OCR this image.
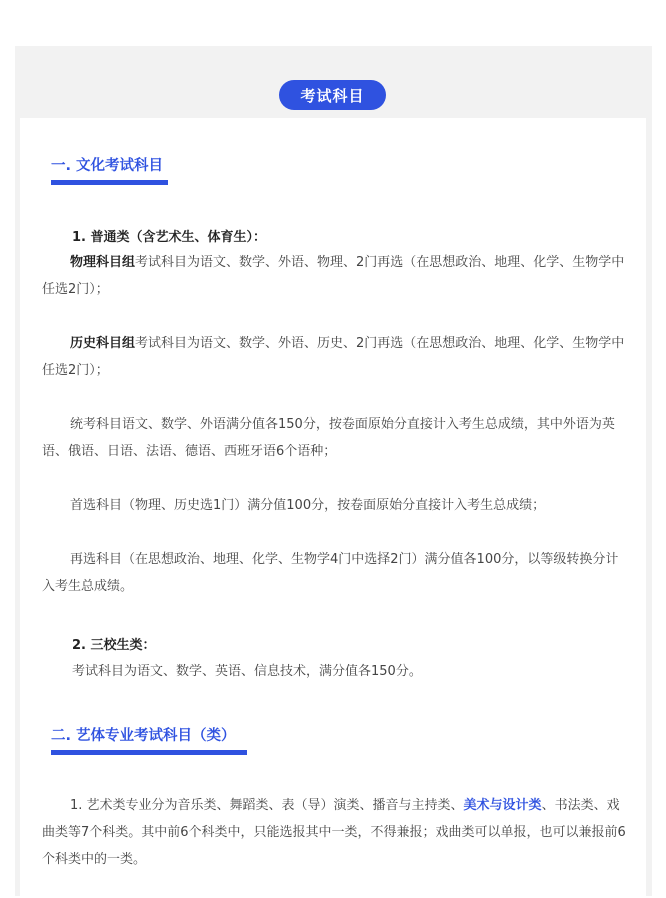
考试科目
一. 文化考试科目
1. 普通类（含艺术生、体育生）：
物理科目组考试科目为语文、数学、外语、物理、2门再选（在思想政治、地理、化学、生物学中任选2门）；
历史科目组考试科目为语文、数学、外语、历史、2门再选（在思想政治、地理、化学、生物学中任选2门）；
统考科目语文、数学、外语满分值各150分，按卷面原始分直接计入考生总成绩，其中外语为英语、俄语、日语、法语、德语、西班牙语6个语种；
首选科目（物理、历史选1门）满分值100分，按卷面原始分直接计入考生总成绩；
再选科目（在思想政治、地理、化学、生物学4门中选择2门）满分值各100分，以等级转换分计入考生总成绩。
2. 三校生类：
考试科目为语文、数学、英语、信息技术，满分值各150分。
二. 艺体专业考试科目（类）
1. 艺术类专业分为音乐类、舞蹈类、表（导）演类、播音与主持类、美术与设计类、书法类、戏曲类等7个科类。其中前6个科类中，只能选报其中一类，不得兼报；戏曲类可以单报，也可以兼报前6个科类中的一类。
